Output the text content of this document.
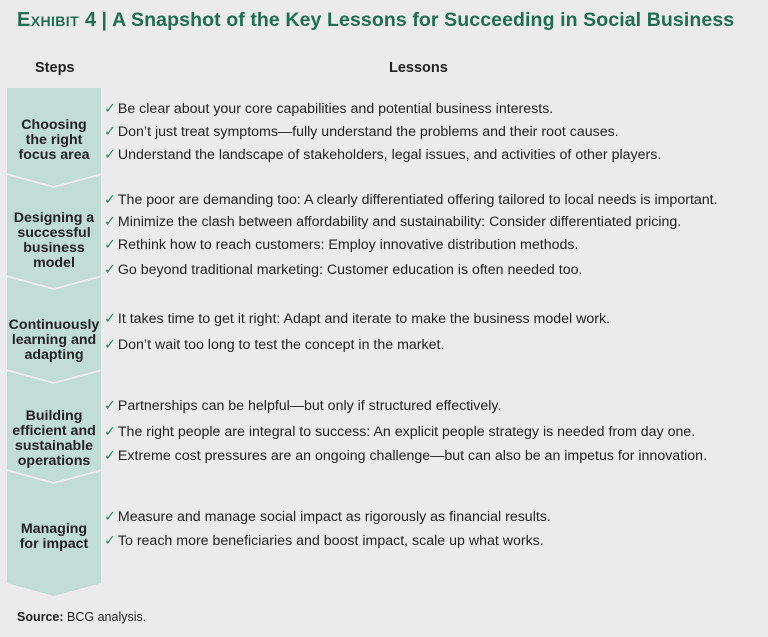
Exhibit 4 | A Snapshot of the Key Lessons for Succeeding in Social Business
Steps	Lessons
Choosing
the right
focus area
✓ Be clear about your core capabilities and potential business interests.
✓ Don’t just treat symptoms—fully understand the problems and their root causes.
✓ Understand the landscape of stakeholders, legal issues, and activities of other players.
Designing a
successful
business
model
✓ The poor are demanding too: A clearly differentiated offering tailored to local needs is important.
✓ Minimize the clash between affordability and sustainability: Consider differentiated pricing.
✓ Rethink how to reach customers: Employ innovative distribution methods.
✓ Go beyond traditional marketing: Customer education is often needed too.
Continuously
learning and
adapting
✓ It takes time to get it right: Adapt and iterate to make the business model work.
✓ Don’t wait too long to test the concept in the market.
Building
efficient and
sustainable
operations
✓ Partnerships can be helpful—but only if structured effectively.
✓ The right people are integral to success: An explicit people strategy is needed from day one.
✓ Extreme cost pressures are an ongoing challenge—but can also be an impetus for innovation.
Managing
for impact
✓ Measure and manage social impact as rigorously as financial results.
✓ To reach more beneficiaries and boost impact, scale up what works.
Source: BCG analysis.
